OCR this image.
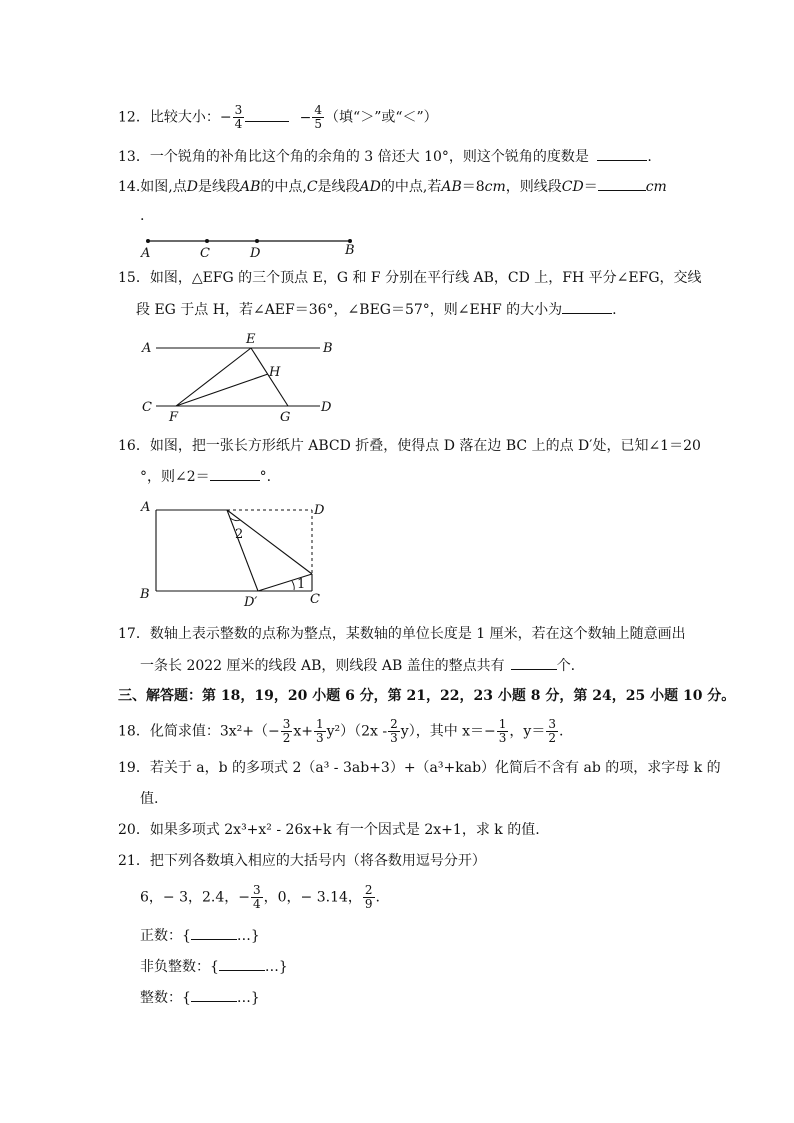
12．比较大小：− $\frac{3}{4}$	− $\frac{4}{5}$ （填“＞”或“＜”）
13．一个锐角的补角比这个角的余角的 3 倍还大 10°，则这个锐角的度数是	.
14.如图,点D是线段AB的中点,C是线段AD的中点,若AB＝8cm，则线段CD＝	cm
.
A	C	D	B
15．如图，△EFG 的三个顶点 E，G 和 F 分别在平行线 AB，CD 上，FH 平分∠EFG，交线
段 EG 于点 H，若∠AEF＝36°，∠BEG＝57°，则∠EHF 的大小为	.
A
E
B
H
C
F	G
D
16．如图，把一张长方形纸片 ABCD 折叠，使得点 D 落在边 BC 上的点 D′处，已知∠1＝20
°，则∠2＝	°.
A	D
B
D′	C
2
1
17．数轴上表示整数的点称为整点，某数轴的单位长度是 1 厘米，若在这个数轴上随意画出
一条长 2022 厘米的线段 AB，则线段 AB 盖住的整点共有	个.
三、解答题：第 18，19，20 小题 6 分，第 21，22，23 小题 8 分，第 24，25 小题 10 分。
18．化简求值：$3x^2+(- \frac{3}{2} x+ \frac{1}{3} y^2)(2x - \frac{2}{3} y)$，其中 $x=- \frac{1}{3}$ ，$y= \frac{3}{2}$ .
19．若关于 a，b 的多项式 2（a³ - 3ab+3）+（a³+kab）化简后不含有 ab 的项，求字母 k 的
值.
20．如果多项式 2x³+x² - 26x+k 有一个因式是 2x+1，求 k 的值.
21．把下列各数填入相应的大括号内（将各数用逗号分开）
6，− 3，2.4，− $\frac{3}{4}$ ，0，− 3.14， $\frac{2}{9}$ .
正数：{	…}
非负整数：{	…}
整数：{	…}
